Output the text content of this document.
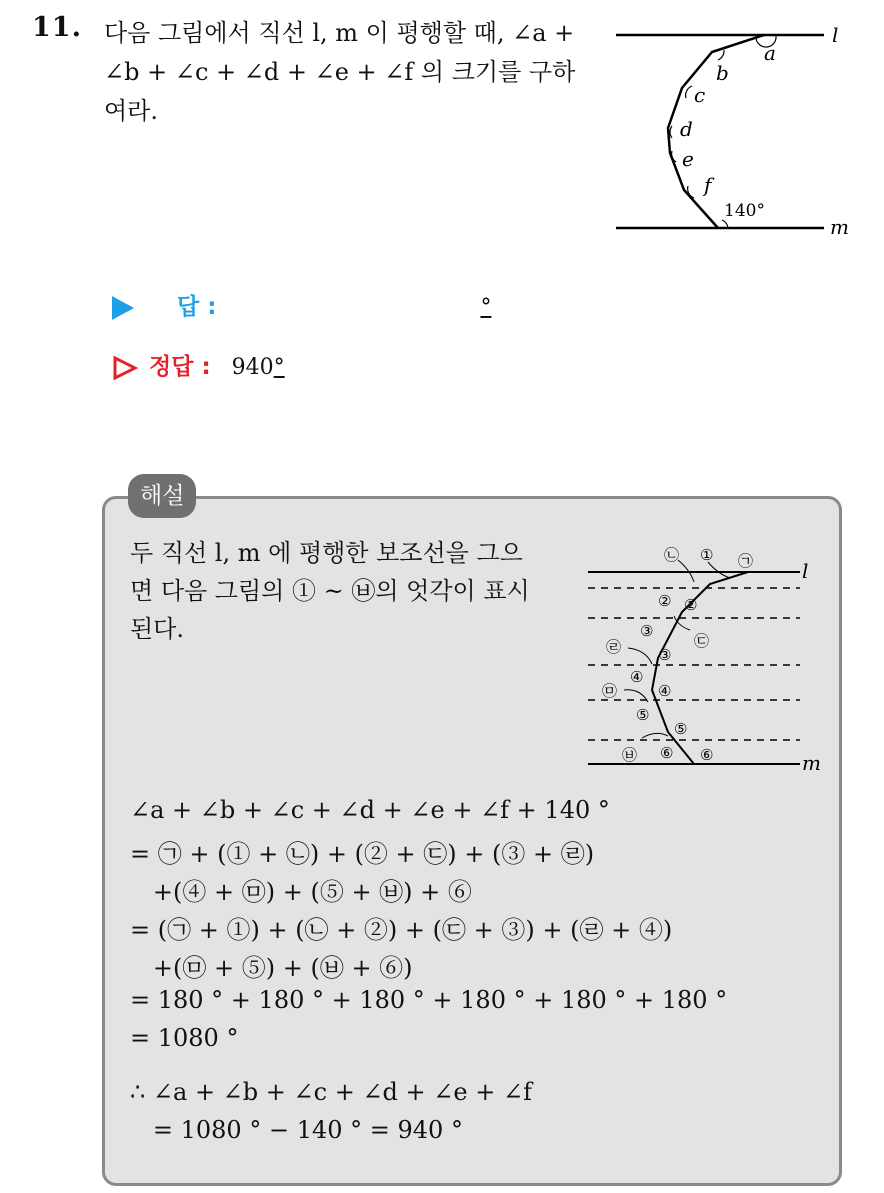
11. 다음 그림에서 직선 l, m 이 평행할 때, ∠a +
∠b + ∠c + ∠d + ∠e + ∠f 의 크기를 구하여라.
l
m
a
b
c
d
e
f
140°
답 :	°
정답 : 940°
해설
두 직선 l, m 에 평행한 보조선을 그으
면 다음 그림의 ① ~ ㉥의 엇각이 표시
된다.
l
m
㉡ ① ㉠
② ②
③
㉢
㉣ ③
④
㉤	④
⑤
⑤
㉥ ⑥ ⑥
∠a + ∠b + ∠c + ∠d + ∠e + ∠f + 140 °
= ㉠ + (① + ㉡) + (② + ㉢) + (③ + ㉣)
+(④ + ㉤) + (⑤ + ㉥) + ⑥
= (㉠ + ①) + (㉡ + ②) + (㉢ + ③) + (㉣ + ④)
+(㉤ + ⑤) + (㉥ + ⑥)
= 180 ° + 180 ° + 180 ° + 180 ° + 180 ° + 180 °
= 1080 °
∴ ∠a + ∠b + ∠c + ∠d + ∠e + ∠f
= 1080 ° − 140 ° = 940 °
